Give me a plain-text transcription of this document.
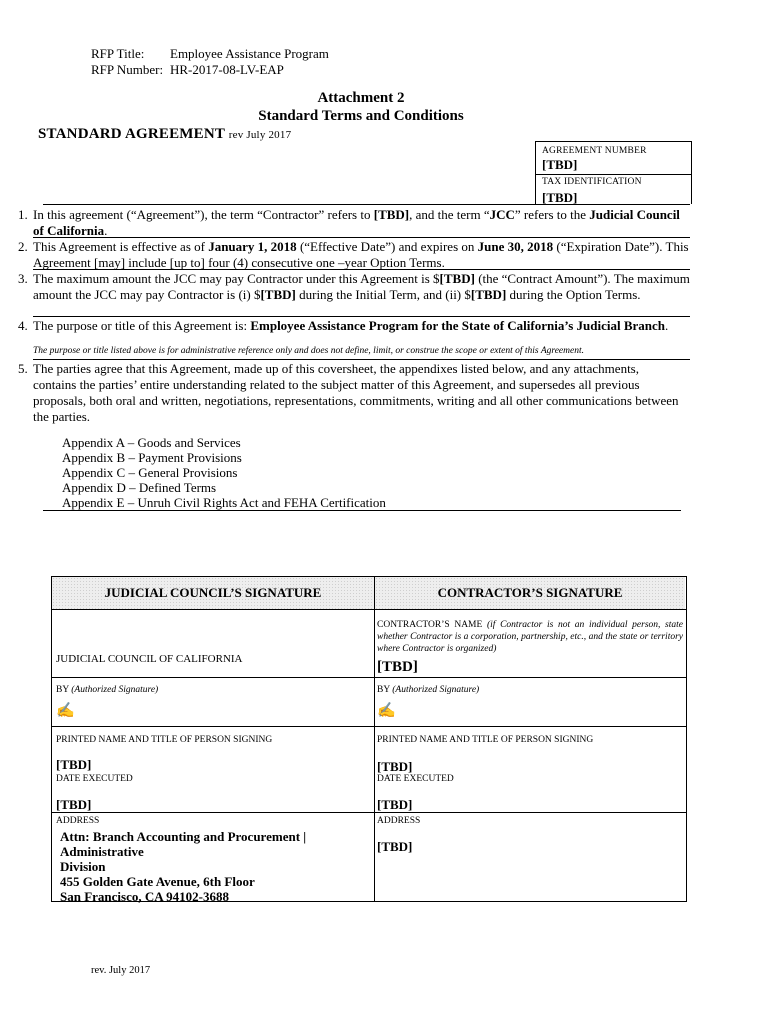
RFP Title: Employee Assistance Program
RFP Number: HR-2017-08-LV-EAP
Attachment 2
Standard Terms and Conditions
STANDARD AGREEMENT rev July 2017
AGREEMENT NUMBER
[TBD]
TAX IDENTIFICATION
[TBD]
1. In this agreement (“Agreement”), the term “Contractor” refers to [TBD], and the term “JCC” refers to the Judicial Council of California.
2. This Agreement is effective as of January 1, 2018 (“Effective Date”) and expires on June 30, 2018 (“Expiration Date”). This Agreement [may] include [up to] four (4) consecutive one –year Option Terms.
3. The maximum amount the JCC may pay Contractor under this Agreement is $[TBD] (the “Contract Amount”). The maximum amount the JCC may pay Contractor is (i) $[TBD] during the Initial Term, and (ii) $[TBD] during the Option Terms.
4. The purpose or title of this Agreement is: Employee Assistance Program for the State of California’s Judicial Branch.
The purpose or title listed above is for administrative reference only and does not define, limit, or construe the scope or extent of this Agreement.
5. The parties agree that this Agreement, made up of this coversheet, the appendixes listed below, and any attachments, contains the parties’ entire understanding related to the subject matter of this Agreement, and supersedes all previous proposals, both oral and written, negotiations, representations, commitments, writing and all other communications between the parties.
Appendix A – Goods and Services
Appendix B – Payment Provisions
Appendix C – General Provisions
Appendix D – Defined Terms
Appendix E – Unruh Civil Rights Act and FEHA Certification
JUDICIAL COUNCIL’S SIGNATURE	CONTRACTOR’S SIGNATURE
JUDICIAL COUNCIL OF CALIFORNIA
CONTRACTOR’S NAME (if Contractor is not an individual person, state whether Contractor is a corporation, partnership, etc., and the state or territory where Contractor is organized)
[TBD]
BY (Authorized Signature)
✍
BY (Authorized Signature)
✍
PRINTED NAME AND TITLE OF PERSON SIGNING
[TBD]
PRINTED NAME AND TITLE OF PERSON SIGNING
[TBD]
DATE EXECUTED
[TBD]
DATE EXECUTED
[TBD]
ADDRESS
Attn: Branch Accounting and Procurement |
Administrative
Division
455 Golden Gate Avenue, 6th Floor
San Francisco, CA 94102-3688
ADDRESS
[TBD]
rev. July 2017
